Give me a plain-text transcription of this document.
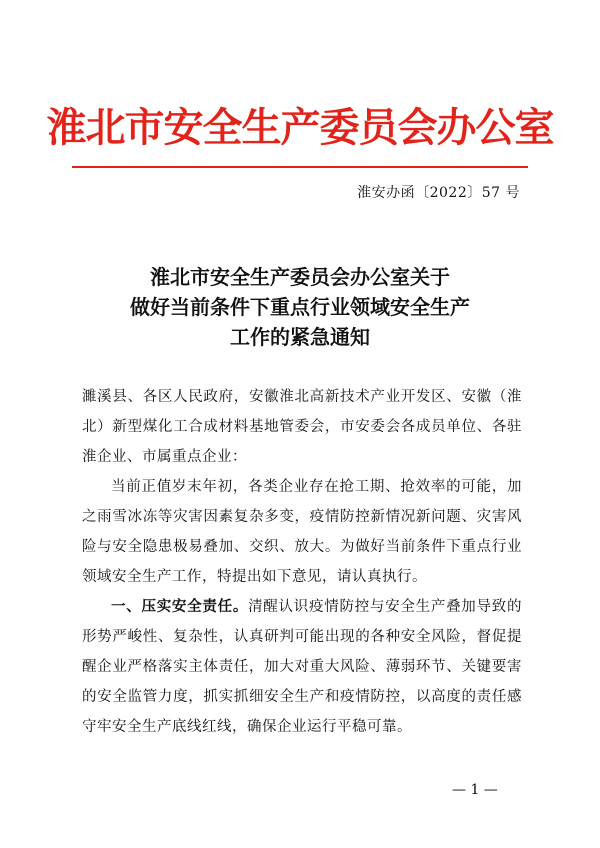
淮北市安全生产委员会办公室
淮安办函〔2022〕57 号
淮北市安全生产委员会办公室关于
做好当前条件下重点行业领域安全生产
工作的紧急通知

濉溪县、各区人民政府，安徽淮北高新技术产业开发区、安徽（淮北）新型煤化工合成材料基地管委会，市安委会各成员单位、各驻淮企业、市属重点企业：

当前正值岁末年初，各类企业存在抢工期、抢效率的可能，加之雨雪冰冻等灾害因素复杂多变，疫情防控新情况新问题、灾害风险与安全隐患极易叠加、交织、放大。为做好当前条件下重点行业领域安全生产工作，特提出如下意见，请认真执行。

一、压实安全责任。清醒认识疫情防控与安全生产叠加导致的形势严峻性、复杂性，认真研判可能出现的各种安全风险，督促提醒企业严格落实主体责任，加大对重大风险、薄弱环节、关键要害的安全监管力度，抓实抓细安全生产和疫情防控，以高度的责任感守牢安全生产底线红线，确保企业运行平稳可靠。

— 1 —
